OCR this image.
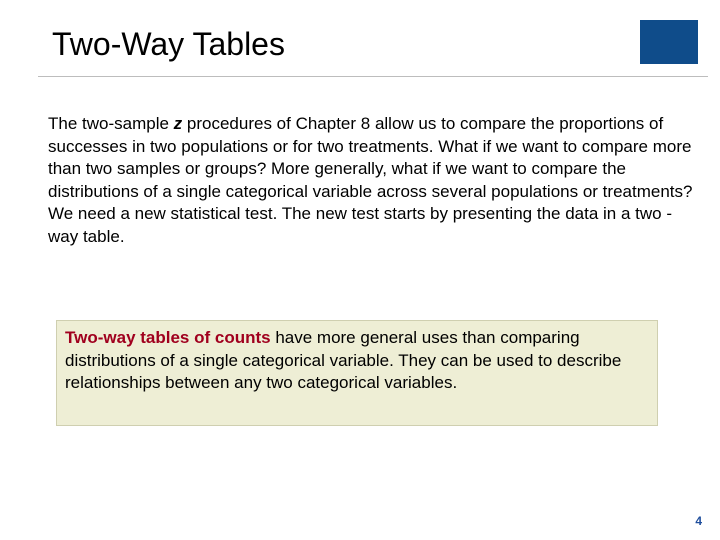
Two-Way Tables

The two-sample z procedures of Chapter 8 allow us to compare the proportions of successes in two populations or for two treatments. What if we want to compare more than two samples or groups? More generally, what if we want to compare the distributions of a single categorical variable across several populations or treatments? We need a new statistical test. The new test starts by presenting the data in a two -way table.

Two-way tables of counts have more general uses than comparing distributions of a single categorical variable. They can be used to describe relationships between any two categorical variables.

4
